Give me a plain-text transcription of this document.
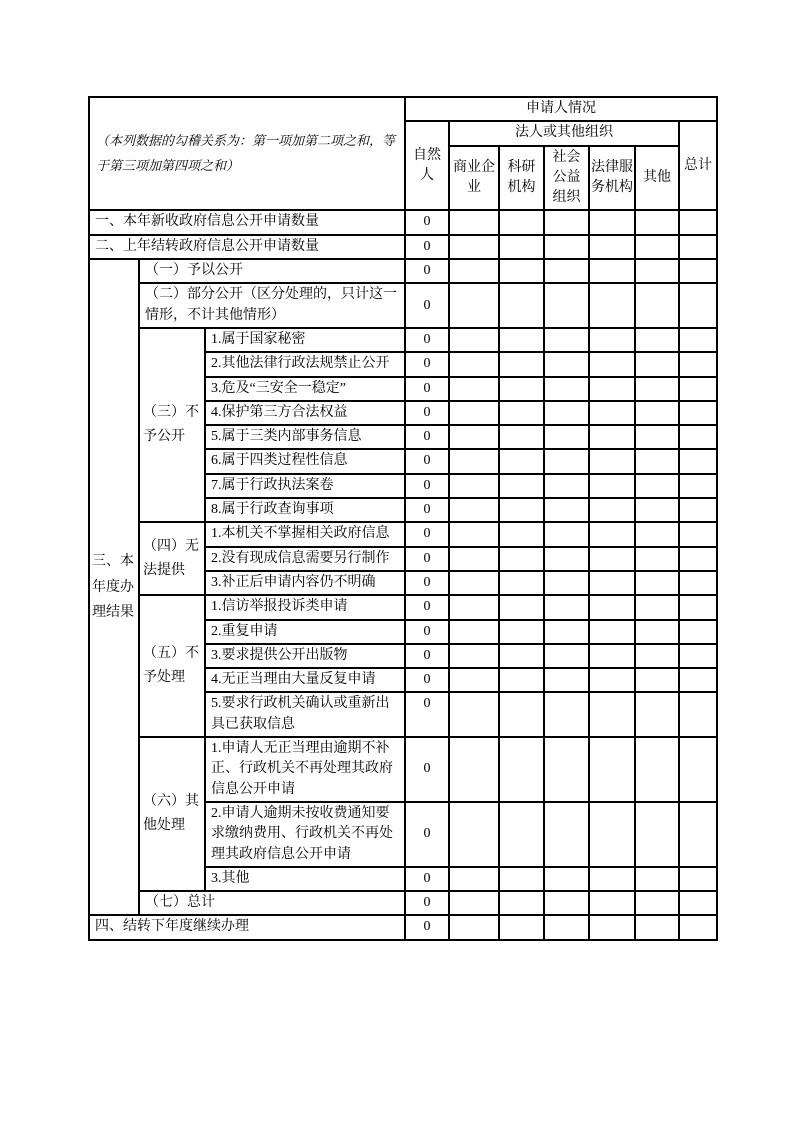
（本列数据的勾稽关系为：第一项加第二项之和，等于第三项加第四项之和）			申请人情况						
			自然人	法人或其他组织					总计
				商业企业	科研机构	社会公益组织	法律服务机构	其他	
一、本年新收政府信息公开申请数量			0						
二、上年结转政府信息公开申请数量			0						
三、本年度办理结果	（一）予以公开		0						
	（二）部分公开（区分处理的，只计这一情形，不计其他情形）		0						
	（三）不予公开	1.属于国家秘密	0						
		2.其他法律行政法规禁止公开	0						
		3.危及“三安全一稳定”	0						
		4.保护第三方合法权益	0						
		5.属于三类内部事务信息	0						
		6.属于四类过程性信息	0						
		7.属于行政执法案卷	0						
		8.属于行政查询事项	0						
	（四）无法提供	1.本机关不掌握相关政府信息	0						
		2.没有现成信息需要另行制作	0						
		3.补正后申请内容仍不明确	0						
	（五）不予处理	1.信访举报投诉类申请	0						
		2.重复申请	0						
		3.要求提供公开出版物	0						
		4.无正当理由大量反复申请	0						
		5.要求行政机关确认或重新出具已获取信息	0						
	（六）其他处理	1.申请人无正当理由逾期不补正、行政机关不再处理其政府信息公开申请	0						
		2.申请人逾期未按收费通知要求缴纳费用、行政机关不再处理其政府信息公开申请	0						
		3.其他	0						
	（七）总计		0						
四、结转下年度继续办理			0						
